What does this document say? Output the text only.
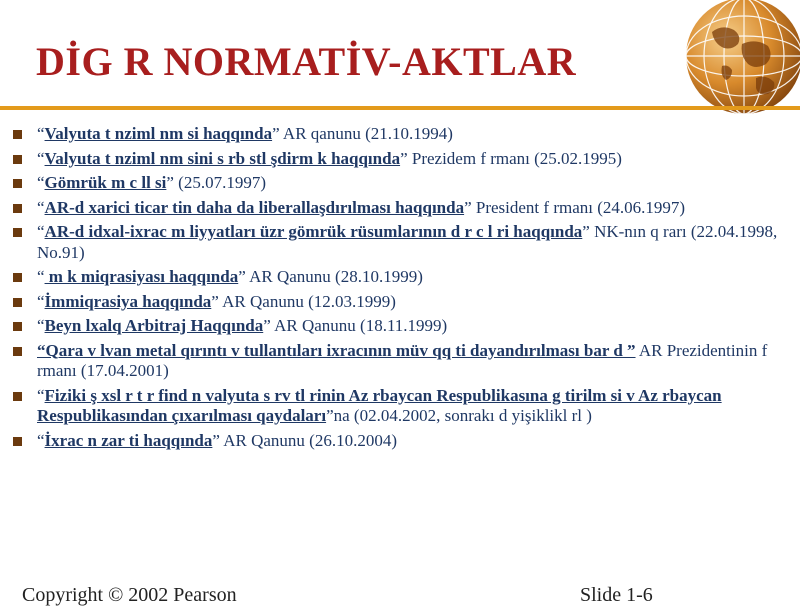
DİG R NORMATİV-AKTLAR
“Valyuta t nziml nm si haqqında” AR qanunu (21.10.1994)
“Valyuta t nziml nm sini s rb stl şdirm k haqqında” Prezidem f rmanı (25.02.1995)
“Gömrük m c ll si” (25.07.1997)
“AR-d xarici ticar tin daha da liberallaşdırılması haqqında” President f rmanı (24.06.1997)
“AR-d idxal-ixrac m liyyatları üzr gömrük rüsumlarının d r c l ri haqqında” NK-nın q rarı (22.04.1998, No.91)
“ m k miqrasiyası haqqında” AR Qanunu (28.10.1999)
“İmmiqrasiya haqqında” AR Qanunu (12.03.1999)
“Beyn lxalq Arbitraj Haqqında” AR Qanunu (18.11.1999)
“Qara v lvan metal qırıntı v tullantıları ixracının müv qq ti dayandırılması bar d ” AR Prezidentinin f rmanı (17.04.2001)
“Fiziki ş xsl r t r find n valyuta s rv tl rinin Az rbaycan Respublikasına g tirilm si v Az rbaycan Respublikasından çıxarılması qaydaları”na (02.04.2002, sonrakı d yişiklikl rl )
“İxrac n zar ti haqqında” AR Qanunu (26.10.2004)
Copyright © 2002 Pearson	Slide 1-6
